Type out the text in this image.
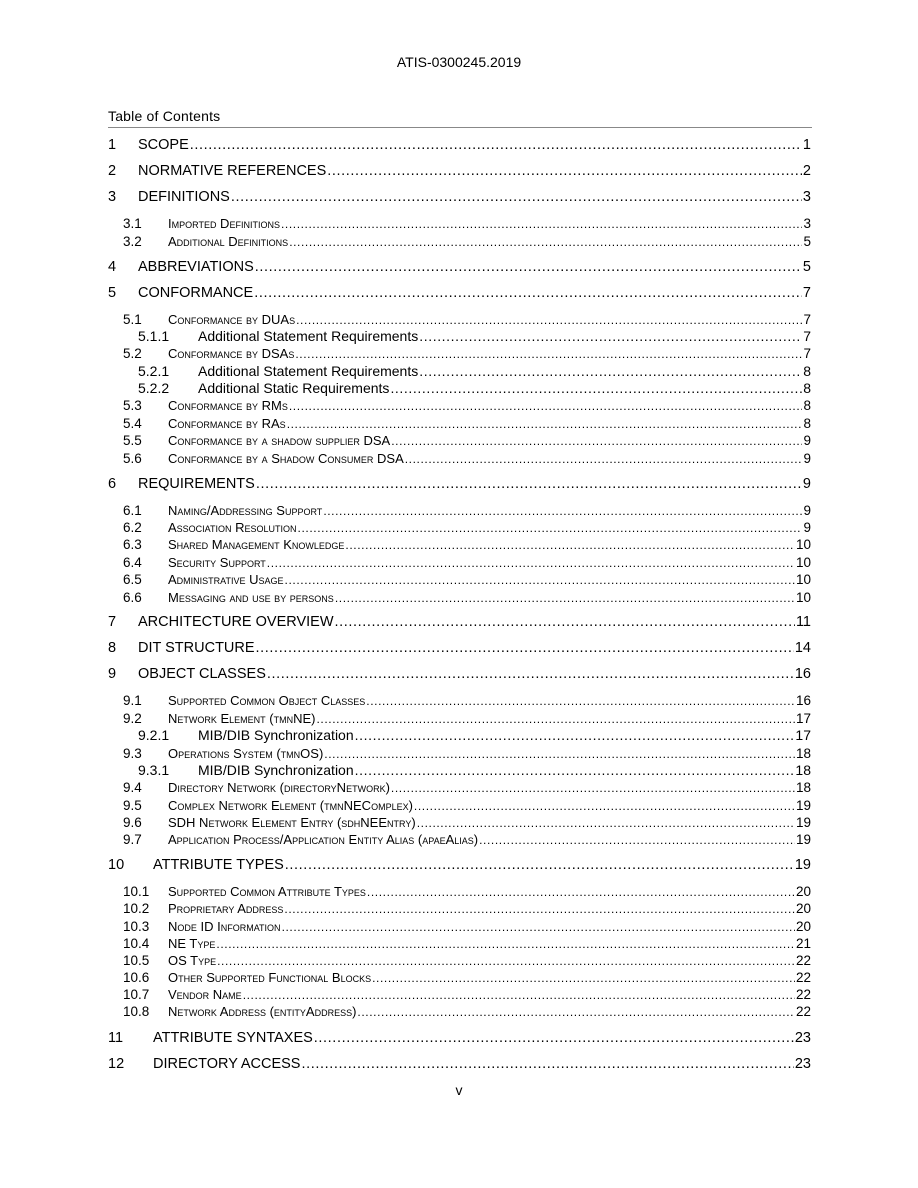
ATIS-0300245.2019
Table of Contents
1	SCOPE .....	1
2	NORMATIVE REFERENCES .....	2
3	DEFINITIONS .....	3
3.1	Imported Definitions .....	3
3.2	Additional Definitions .....	5
4	ABBREVIATIONS .....	5
5	CONFORMANCE .....	7
5.1	Conformance by DUAs .....	7
5.1.1	Additional Statement Requirements .....	7
5.2	Conformance by DSAs .....	7
5.2.1	Additional Statement Requirements .....	8
5.2.2	Additional Static Requirements .....	8
5.3	Conformance by RMs .....	8
5.4	Conformance by RAs .....	8
5.5	Conformance by a shadow supplier DSA .....	9
5.6	Conformance by a Shadow Consumer DSA .....	9
6	REQUIREMENTS .....	9
6.1	Naming/Addressing Support .....	9
6.2	Association Resolution .....	9
6.3	Shared Management Knowledge .....	10
6.4	Security Support .....	10
6.5	Administrative Usage .....	10
6.6	Messaging and use by persons .....	10
7	ARCHITECTURE OVERVIEW .....	11
8	DIT STRUCTURE .....	14
9	OBJECT CLASSES .....	16
9.1	Supported Common Object Classes .....	16
9.2	Network Element (tmnNE) .....	17
9.2.1	MIB/DIB Synchronization .....	17
9.3	Operations System (tmnOS) .....	18
9.3.1	MIB/DIB Synchronization .....	18
9.4	Directory Network (directoryNetwork) .....	18
9.5	Complex Network Element (tmnNEComplex) .....	19
9.6	SDH Network Element Entry (sdhNEEntry) .....	19
9.7	Application Process/Application Entity Alias (apaeAlias) .....	19
10	ATTRIBUTE TYPES .....	19
10.1	Supported Common Attribute Types .....	20
10.2	Proprietary Address .....	20
10.3	Node ID Information .....	20
10.4	NE Type .....	21
10.5	OS Type .....	22
10.6	Other Supported Functional Blocks .....	22
10.7	Vendor Name .....	22
10.8	Network Address (entityAddress) .....	22
11	ATTRIBUTE SYNTAXES .....	23
12	DIRECTORY ACCESS .....	23
v
